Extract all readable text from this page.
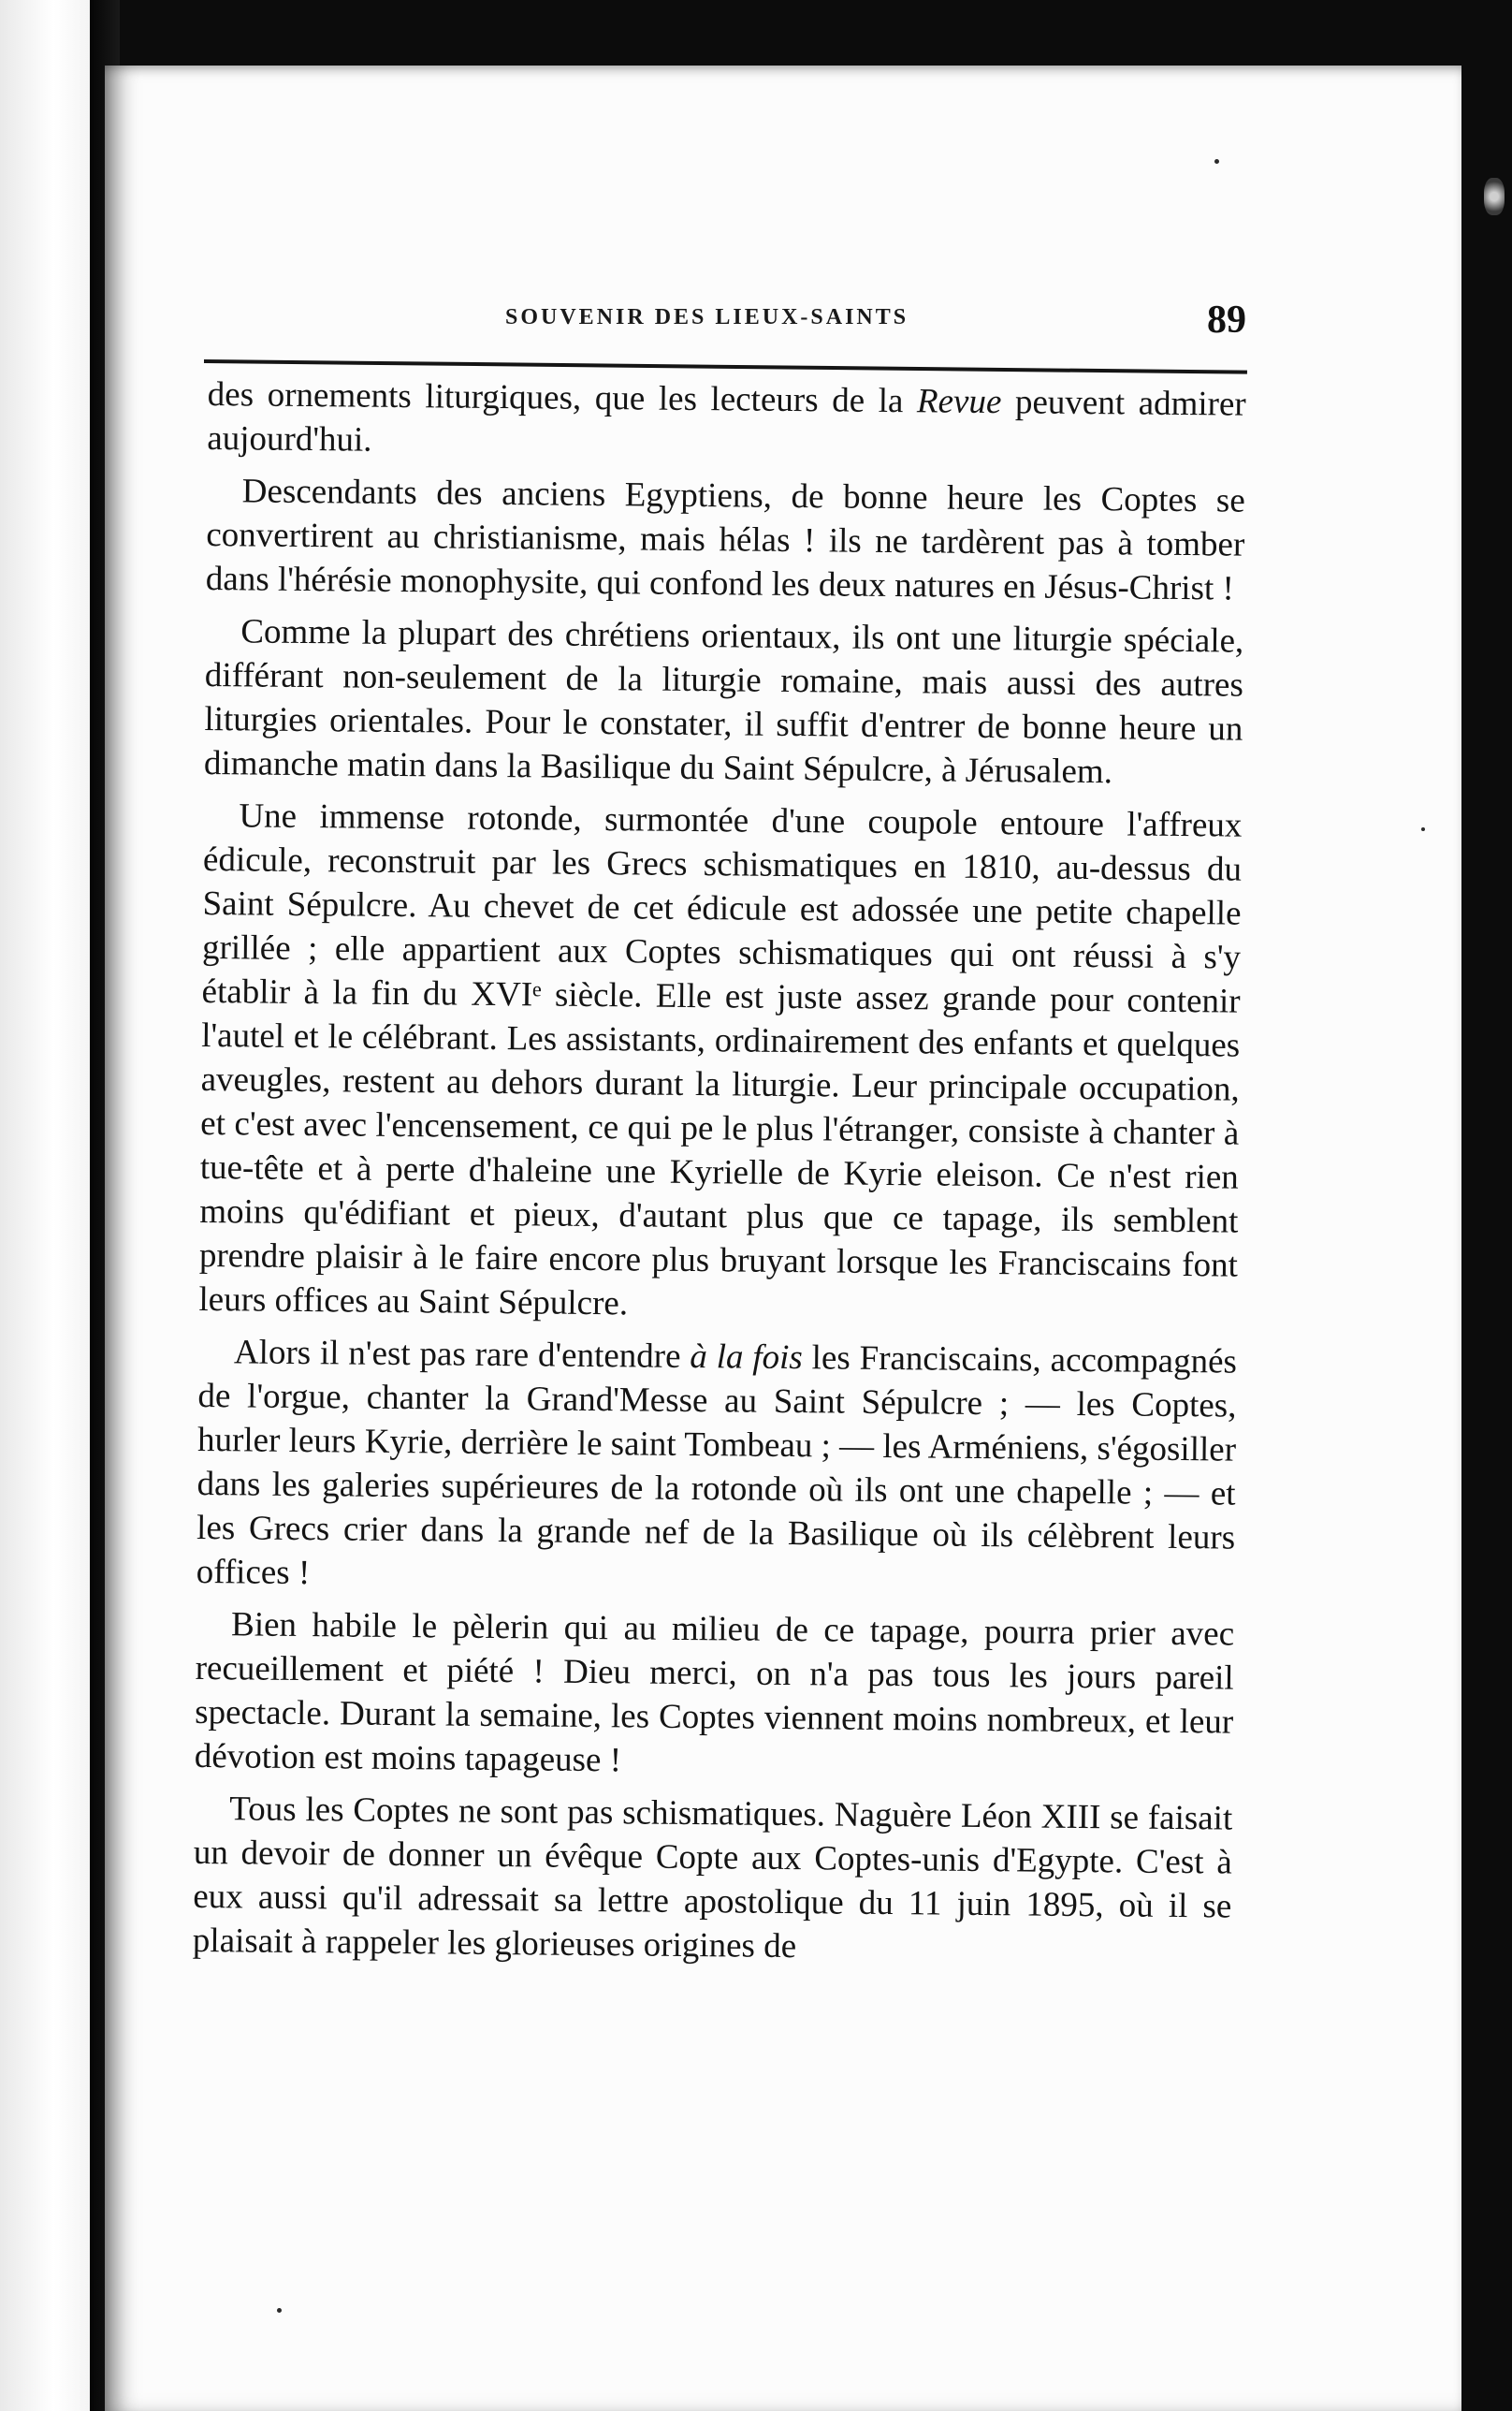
SOUVENIR DES LIEUX-SAINTS	89

des ornements liturgiques, que les lecteurs de la Revue peuvent admirer aujourd'hui.

Descendants des anciens Egyptiens, de bonne heure les Coptes se convertirent au christianisme, mais hélas ! ils ne tardèrent pas à tomber dans l'hérésie monophysite, qui confond les deux natures en Jésus-Christ !

Comme la plupart des chrétiens orientaux, ils ont une liturgie spéciale, différant non-seulement de la liturgie romaine, mais aussi des autres liturgies orientales. Pour le constater, il suffit d'entrer de bonne heure un dimanche matin dans la Basilique du Saint Sépulcre, à Jérusalem.

Une immense rotonde, surmontée d'une coupole entoure l'affreux édicule, reconstruit par les Grecs schismatiques en 1810, au-dessus du Saint Sépulcre. Au chevet de cet édicule est adossée une petite chapelle grillée ; elle appartient aux Coptes schismatiques qui ont réussi à s'y établir à la fin du XVIᵉ siècle. Elle est juste assez grande pour contenir l'autel et le célébrant. Les assistants, ordinairement des enfants et quelques aveugles, restent au dehors durant la liturgie. Leur principale occupation, et c'est avec l'encensement, ce qui pe le plus l'étranger, consiste à chanter à tue-tête et à perte d'haleine une Kyrielle de Kyrie eleison. Ce n'est rien moins qu'édifiant et pieux, d'autant plus que ce tapage, ils semblent prendre plaisir à le faire encore plus bruyant lorsque les Franciscains font leurs offices au Saint Sépulcre.

Alors il n'est pas rare d'entendre à la fois les Franciscains, accompagnés de l'orgue, chanter la Grand'Messe au Saint Sépulcre ; — les Coptes, hurler leurs Kyrie, derrière le saint Tombeau ; — les Arméniens, s'égosiller dans les galeries supérieures de la rotonde où ils ont une chapelle ; — et les Grecs crier dans la grande nef de la Basilique où ils célèbrent leurs offices !

Bien habile le pèlerin qui au milieu de ce tapage, pourra prier avec recueillement et piété ! Dieu merci, on n'a pas tous les jours pareil spectacle. Durant la semaine, les Coptes viennent moins nombreux, et leur dévotion est moins tapageuse !

Tous les Coptes ne sont pas schismatiques. Naguère Léon XIII se faisait un devoir de donner un évêque Copte aux Coptes-unis d'Egypte. C'est à eux aussi qu'il adressait sa lettre apostolique du 11 juin 1895, où il se plaisait à rappeler les glorieuses origines de
